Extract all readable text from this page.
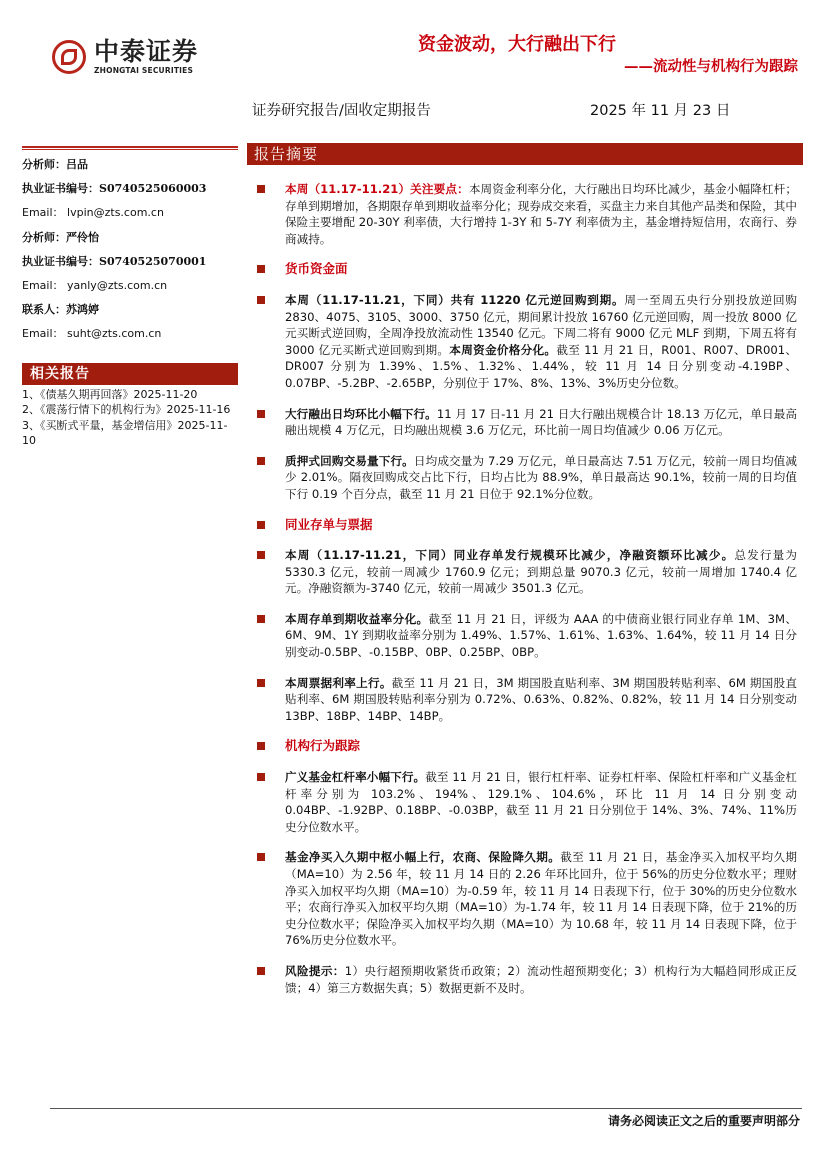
中泰证券
ZHONGTAI SECURITIES
资金波动，大行融出下行
——流动性与机构行为跟踪
证券研究报告/固收定期报告	2025 年 11 月 23 日
分析师：吕品
执业证书编号：S0740525060003
Email： lvpin@zts.com.cn
分析师：严伶怡
执业证书编号：S0740525070001
Email： yanly@zts.com.cn
联系人：苏鸿婷
Email： suht@zts.com.cn
相关报告
1、《债基久期再回落》2025-11-20
2、《震荡行情下的机构行为》2025-11-16
3、《买断式平量，基金增信用》2025-11-10
报告摘要
本周（11.17-11.21）关注要点：本周资金利率分化，大行融出日均环比减少，基金小幅降杠杆；存单到期增加，各期限存单到期收益率分化；现券成交来看，买盘主力来自其他产品类和保险，其中保险主要增配 20-30Y 利率债，大行增持 1-3Y 和 5-7Y 利率债为主，基金增持短信用，农商行、券商减持。
货币资金面
本周（11.17-11.21，下同）共有 11220 亿元逆回购到期。周一至周五央行分别投放逆回购 2830、4075、3105、3000、3750 亿元，期间累计投放 16760 亿元逆回购，周一投放 8000 亿元买断式逆回购，全周净投放流动性 13540 亿元。下周二将有 9000 亿元 MLF 到期，下周五将有 3000 亿元买断式逆回购到期。本周资金价格分化。截至 11 月 21 日，R001、R007、DR001、DR007 分别为 1.39%、1.5%、1.32%、1.44%，较 11 月 14 日分别变动-4.19BP、0.07BP、-5.2BP、-2.65BP，分别位于 17%、8%、13%、3%历史分位数。
大行融出日均环比小幅下行。11 月 17 日-11 月 21 日大行融出规模合计 18.13 万亿元，单日最高融出规模 4 万亿元，日均融出规模 3.6 万亿元，环比前一周日均值减少 0.06 万亿元。
质押式回购交易量下行。日均成交量为 7.29 万亿元，单日最高达 7.51 万亿元，较前一周日均值减少 2.01%。隔夜回购成交占比下行，日均占比为 88.9%，单日最高达 90.1%，较前一周的日均值下行 0.19 个百分点，截至 11 月 21 日位于 92.1%分位数。
同业存单与票据
本周（11.17-11.21，下同）同业存单发行规模环比减少，净融资额环比减少。总发行量为 5330.3 亿元，较前一周减少 1760.9 亿元；到期总量 9070.3 亿元，较前一周增加 1740.4 亿元。净融资额为-3740 亿元，较前一周减少 3501.3 亿元。
本周存单到期收益率分化。截至 11 月 21 日，评级为 AAA 的中债商业银行同业存单 1M、3M、6M、9M、1Y 到期收益率分别为 1.49%、1.57%、1.61%、1.63%、1.64%，较 11 月 14 日分别变动-0.5BP、-0.15BP、0BP、0.25BP、0BP。
本周票据利率上行。截至 11 月 21 日，3M 期国股直贴利率、3M 期国股转贴利率、6M 期国股直贴利率、6M 期国股转贴利率分别为 0.72%、0.63%、0.82%、0.82%，较 11 月 14 日分别变动 13BP、18BP、14BP、14BP。
机构行为跟踪
广义基金杠杆率小幅下行。截至 11 月 21 日，银行杠杆率、证券杠杆率、保险杠杆率和广义基金杠杆率分别为 103.2%、194%、129.1%、104.6%，环比 11 月 14 日分别变动 0.04BP、-1.92BP、0.18BP、-0.03BP，截至 11 月 21 日分别位于 14%、3%、74%、11%历史分位数水平。
基金净买入久期中枢小幅上行，农商、保险降久期。截至 11 月 21 日，基金净买入加权平均久期（MA=10）为 2.56 年，较 11 月 14 日的 2.26 年环比回升，位于 56%的历史分位数水平；理财净买入加权平均久期（MA=10）为-0.59 年，较 11 月 14 日表现下行，位于 30%的历史分位数水平；农商行净买入加权平均久期（MA=10）为-1.74 年，较 11 月 14 日表现下降，位于 21%的历史分位数水平；保险净买入加权平均久期（MA=10）为 10.68 年，较 11 月 14 日表现下降，位于 76%历史分位数水平。
风险提示：1）央行超预期收紧货币政策；2）流动性超预期变化；3）机构行为大幅趋同形成正反馈；4）第三方数据失真；5）数据更新不及时。
请务必阅读正文之后的重要声明部分
